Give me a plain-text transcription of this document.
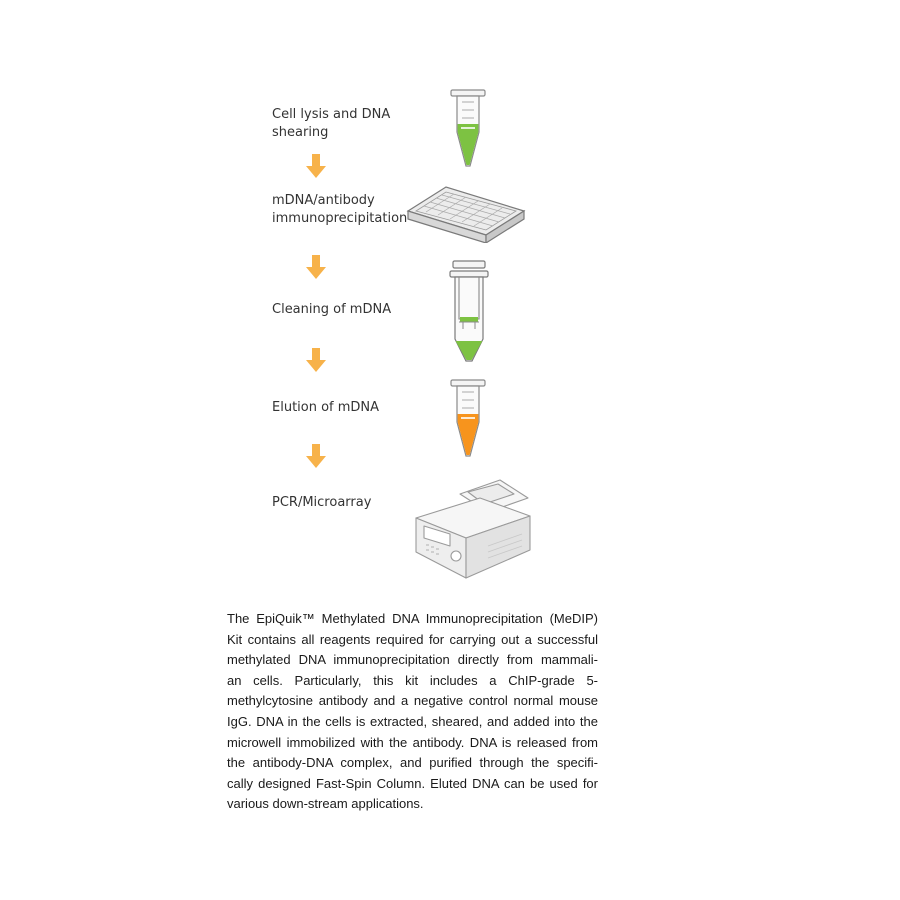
Cell lysis and DNA
shearing
mDNA/antibody
immunoprecipitation
Cleaning of mDNA
Elution of mDNA
PCR/Microarray
The EpiQuik™ Methylated DNA Immunoprecipitation (MeDIP)
Kit contains all reagents required for carrying out a successful
methylated DNA immunoprecipitation directly from mammali-
an cells. Particularly, this kit includes a ChIP-grade 5-
methylcytosine antibody and a negative control normal mouse
IgG. DNA in the cells is extracted, sheared, and added into the
microwell immobilized with the antibody. DNA is released from
the antibody-DNA complex, and purified through the specifi-
cally designed Fast-Spin Column. Eluted DNA can be used for
various down-stream applications.
